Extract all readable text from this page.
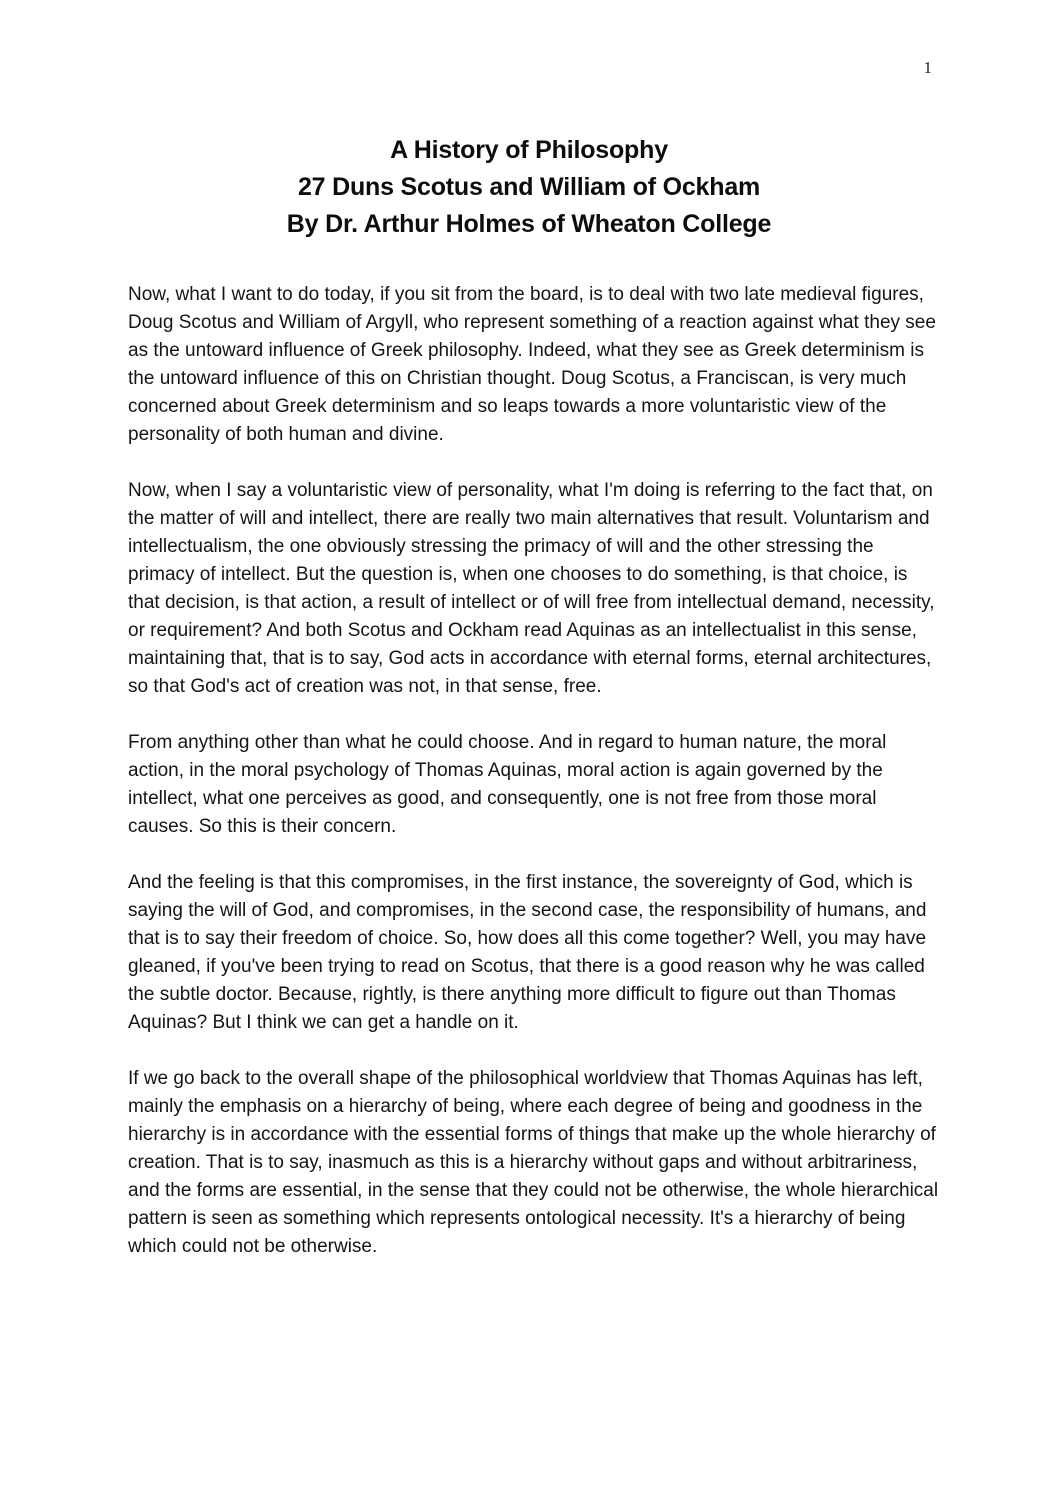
1
A History of Philosophy
27 Duns Scotus and William of Ockham
By Dr. Arthur Holmes of Wheaton College

Now, what I want to do today, if you sit from the board, is to deal with two late medieval figures, Doug Scotus and William of Argyll, who represent something of a reaction against what they see as the untoward influence of Greek philosophy. Indeed, what they see as Greek determinism is the untoward influence of this on Christian thought. Doug Scotus, a Franciscan, is very much concerned about Greek determinism and so leaps towards a more voluntaristic view of the personality of both human and divine.

Now, when I say a voluntaristic view of personality, what I'm doing is referring to the fact that, on the matter of will and intellect, there are really two main alternatives that result. Voluntarism and intellectualism, the one obviously stressing the primacy of will and the other stressing the primacy of intellect. But the question is, when one chooses to do something, is that choice, is that decision, is that action, a result of intellect or of will free from intellectual demand, necessity, or requirement? And both Scotus and Ockham read Aquinas as an intellectualist in this sense, maintaining that, that is to say, God acts in accordance with eternal forms, eternal architectures, so that God's act of creation was not, in that sense, free.

From anything other than what he could choose. And in regard to human nature, the moral action, in the moral psychology of Thomas Aquinas, moral action is again governed by the intellect, what one perceives as good, and consequently, one is not free from those moral causes. So this is their concern.

And the feeling is that this compromises, in the first instance, the sovereignty of God, which is saying the will of God, and compromises, in the second case, the responsibility of humans, and that is to say their freedom of choice. So, how does all this come together? Well, you may have gleaned, if you've been trying to read on Scotus, that there is a good reason why he was called the subtle doctor. Because, rightly, is there anything more difficult to figure out than Thomas Aquinas? But I think we can get a handle on it.

If we go back to the overall shape of the philosophical worldview that Thomas Aquinas has left, mainly the emphasis on a hierarchy of being, where each degree of being and goodness in the hierarchy is in accordance with the essential forms of things that make up the whole hierarchy of creation. That is to say, inasmuch as this is a hierarchy without gaps and without arbitrariness, and the forms are essential, in the sense that they could not be otherwise, the whole hierarchical pattern is seen as something which represents ontological necessity. It's a hierarchy of being which could not be otherwise.
